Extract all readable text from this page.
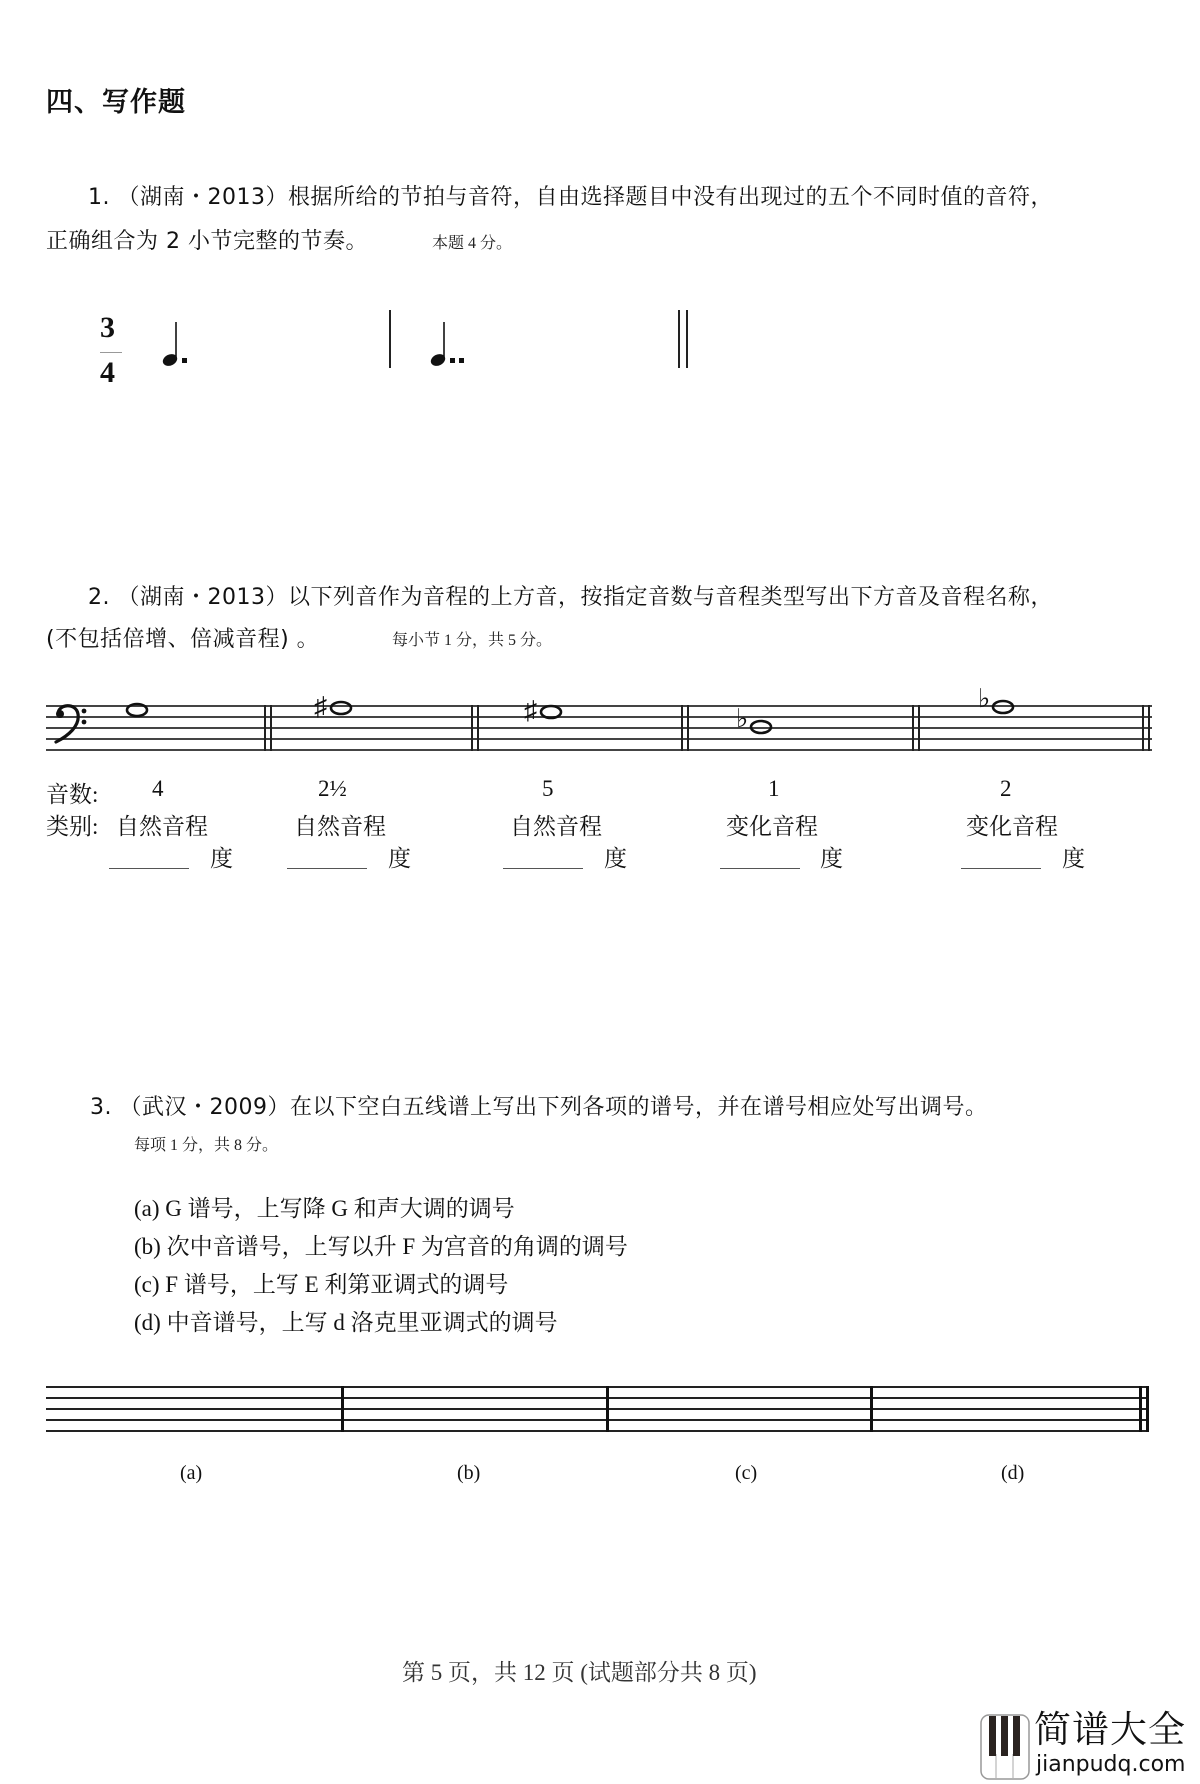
四、写作题
1. （湖南・2013）根据所给的节拍与音符，自由选择题目中没有出现过的五个不同时值的音符，
正确组合为 2 小节完整的节奏。	本题 4 分。
3
4
2. （湖南・2013）以下列音作为音程的上方音，按指定音数与音程类型写出下方音及音程名称，
(不包括倍增、倍减音程) 。	每小节 1 分，共 5 分。
♯	♯	♭
♭
音数:
类别:
4	2½	5	1	2
自然音程	自然音程	自然音程	变化音程	变化音程
度	度	度	度	度
3. （武汉・2009）在以下空白五线谱上写出下列各项的谱号，并在谱号相应处写出调号。
每项 1 分，共 8 分。
(a) G 谱号，上写降 G 和声大调的调号
(b) 次中音谱号，上写以升 F 为宫音的角调的调号
(c) F 谱号，上写 E 利第亚调式的调号
(d) 中音谱号，上写 d 洛克里亚调式的调号
(a)	(b)	(c)	(d)
第 5 页，共 12 页 (试题部分共 8 页)
简谱大全
jianpudq.com
